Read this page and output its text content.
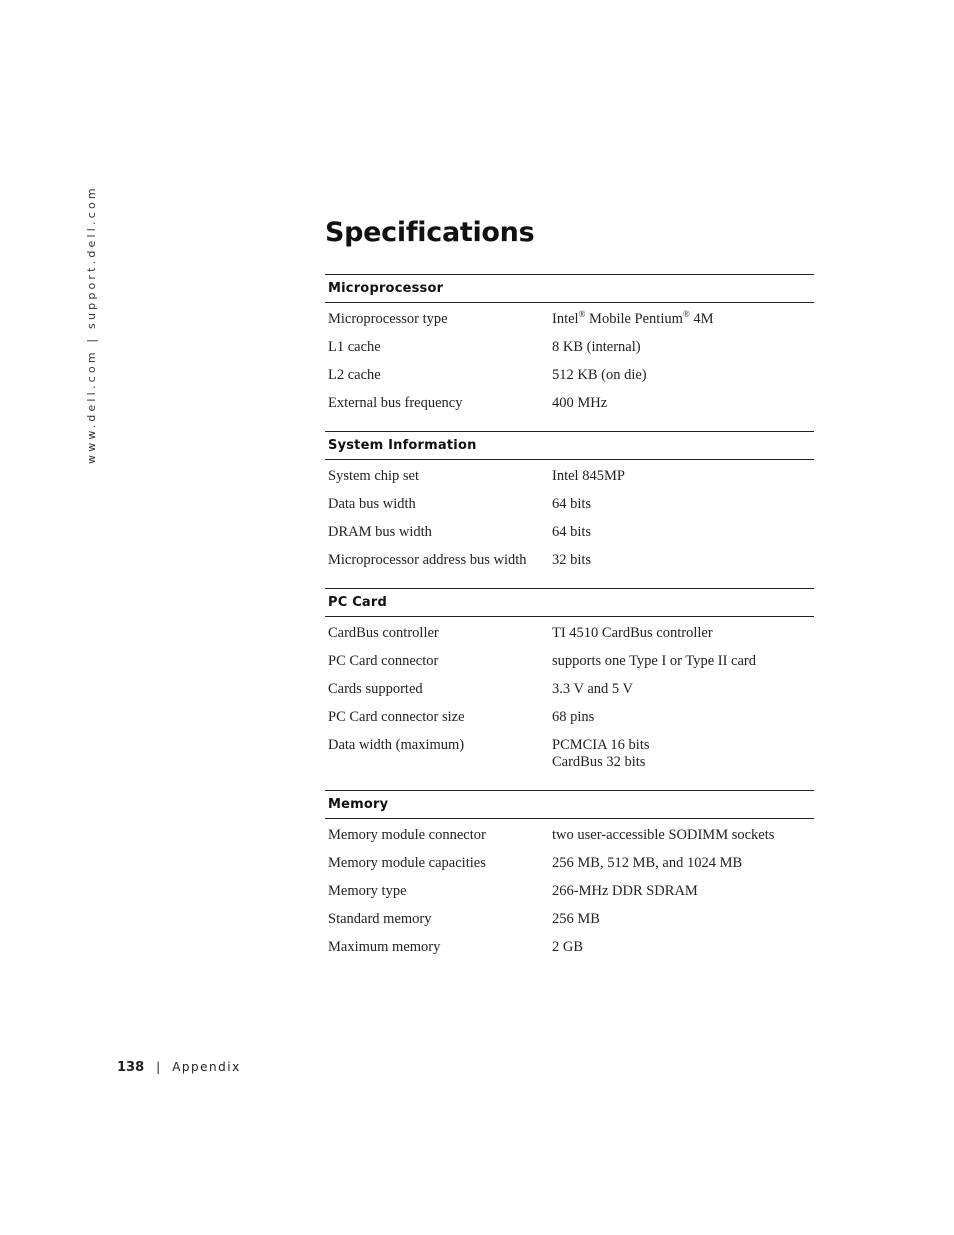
www.dell.com | support.dell.com	Specifications
Microprocessor
Microprocessor type	Intel® Mobile Pentium® 4M
L1 cache	8 KB (internal)
L2 cache	512 KB (on die)
External bus frequency	400 MHz
System Information
System chip set	Intel 845MP
Data bus width	64 bits
DRAM bus width	64 bits
Microprocessor address bus width	32 bits
PC Card
CardBus controller	TI 4510 CardBus controller
PC Card connector	supports one Type I or Type II card
Cards supported	3.3 V and 5 V
PC Card connector size	68 pins
Data width (maximum)	PCMCIA 16 bits
CardBus 32 bits
Memory
Memory module connector	two user-accessible SODIMM sockets
Memory module capacities	256 MB, 512 MB, and 1024 MB
Memory type	266-MHz DDR SDRAM
Standard memory	256 MB
Maximum memory	2 GB
138 | Appendix
